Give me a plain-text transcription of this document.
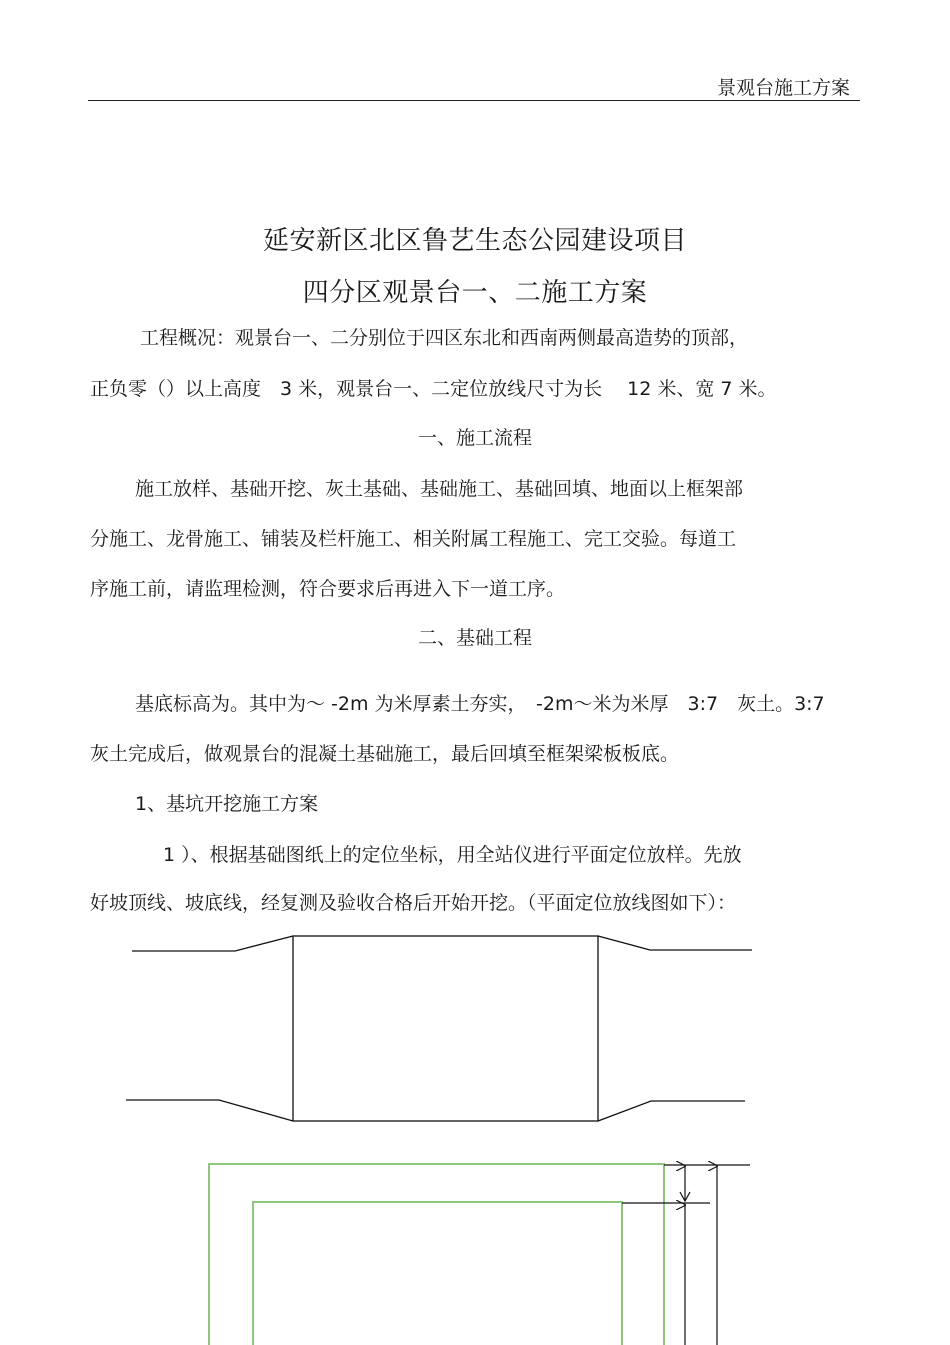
景观台施工方案
延安新区北区鲁艺生态公园建设项目
四分区观景台一、二施工方案
工程概况：观景台一、二分别位于四区东北和西南两侧最高造势的顶部，
正负零（）以上高度　3 米，观景台一、二定位放线尺寸为长　 12 米、宽 7 米。
一、施工流程
施工放样、基础开挖、灰土基础、基础施工、基础回填、地面以上框架部
分施工、龙骨施工、铺装及栏杆施工、相关附属工程施工、完工交验。每道工
序施工前，请监理检测，符合要求后再进入下一道工序。
二、基础工程
基底标高为。其中为～ -2m 为米厚素土夯实，　-2m～米为米厚　3:7　灰土。3:7
灰土完成后，做观景台的混凝土基础施工，最后回填至框架梁板板底。
1、基坑开挖施工方案
1 ）、根据基础图纸上的定位坐标，用全站仪进行平面定位放样。先放
好坡顶线、坡底线，经复测及验收合格后开始开挖。（平面定位放线图如下）：
